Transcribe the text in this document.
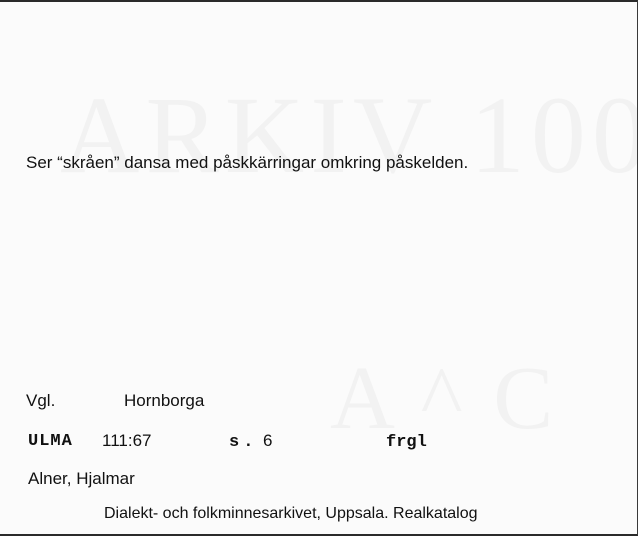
Ser “skråen” dansa med påskkärringar omkring påskelden.
Vgl.	Hornborga
ULMA 111:67	s. 6	frgl
Alner, Hjalmar
Dialekt- och folkminnesarkivet, Uppsala. Realkatalog
